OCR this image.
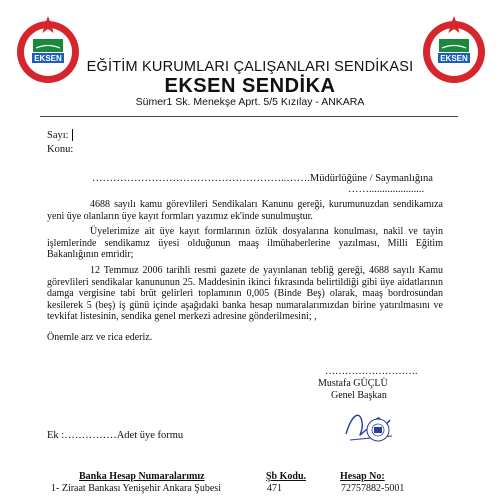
EKSEN	EKSEN
EĞİTİM KURUMLARI ÇALIŞANLARI SENDİKASI
EKSEN SENDİKA
Sümer1 Sk. Menekşe Aprt. 5/5 Kızılay - ANKARA
Sayı:
Konu:
………………………………………………..…….Müdürlüğüne / Saymanlığına
…….....................
4688 sayılı kamu görevlileri Sendikaları Kanunu gereği, kurumunuzdan sendikamıza yeni üye olanların üye kayıt formları yazımız ek'inde sunulmuştur.
Üyelerimize ait üye kayıt formlarının özlük dosyalarına konulması, nakil ve tayin işlemlerinde sendikamız üyesi olduğunun maaş ilmühaberlerine yazılması, Milli Eğitim Bakanlığının emridir;
12 Temmuz 2006 tarihli resmi gazete de yayınlanan tebliğ gereği, 4688 sayılı Kamu görevlileri sendikalar kanununun 25. Maddesinin ikinci fıkrasında belirtildiği gibi üye aidatlarının damga vergisine tabi brüt gelirleri toplamının 0,005 (Binde Beş) olarak, maaş bordrosundan kesilerek 5 (beş) iş günü içinde aşağıdaki banka hesap numaralarımızdan birine yatırılmasını ve tevkifat listesinin, sendika genel merkezi adresine gönderilmesini; ,
Önemle arz ve rica ederiz.
……………………….
Mustafa GÜÇLÜ
Genel Başkan
Ek :……………Adet üye formu
Banka Hesap Numaralarımız	Şb Kodu.	Hesap No:
1- Ziraat Bankası Yenişehir Ankara Şubesi	471	72757882-5001
